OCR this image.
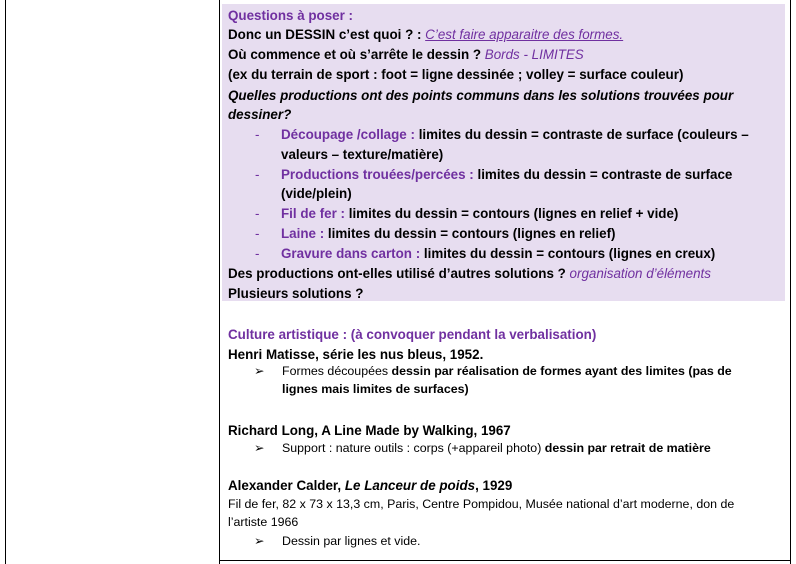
Questions à poser :
Donc un DESSIN c’est quoi ? : C’est faire apparaitre des formes.
Où commence et où s’arrête le dessin ? Bords - LIMITES
(ex du terrain de sport : foot = ligne dessinée ; volley = surface couleur)
Quelles productions ont des points communs dans les solutions trouvées pour
dessiner?
- Découpage /collage : limites du dessin = contraste de surface (couleurs –
valeurs – texture/matière)
- Productions trouées/percées : limites du dessin = contraste de surface
(vide/plein)
- Fil de fer : limites du dessin = contours (lignes en relief + vide)
- Laine : limites du dessin = contours (lignes en relief)
- Gravure dans carton : limites du dessin = contours (lignes en creux)
Des productions ont-elles utilisé d’autres solutions ? organisation d’éléments
Plusieurs solutions ?
Culture artistique : (à convoquer pendant la verbalisation)
Henri Matisse, série les nus bleus, 1952.
➢ Formes découpées dessin par réalisation de formes ayant des limites (pas de
lignes mais limites de surfaces)
Richard Long, A Line Made by Walking, 1967
➢ Support : nature outils : corps (+appareil photo) dessin par retrait de matière
Alexander Calder, Le Lanceur de poids, 1929
Fil de fer, 82 x 73 x 13,3 cm, Paris, Centre Pompidou, Musée national d’art moderne, don de
l’artiste 1966
➢ Dessin par lignes et vide.
